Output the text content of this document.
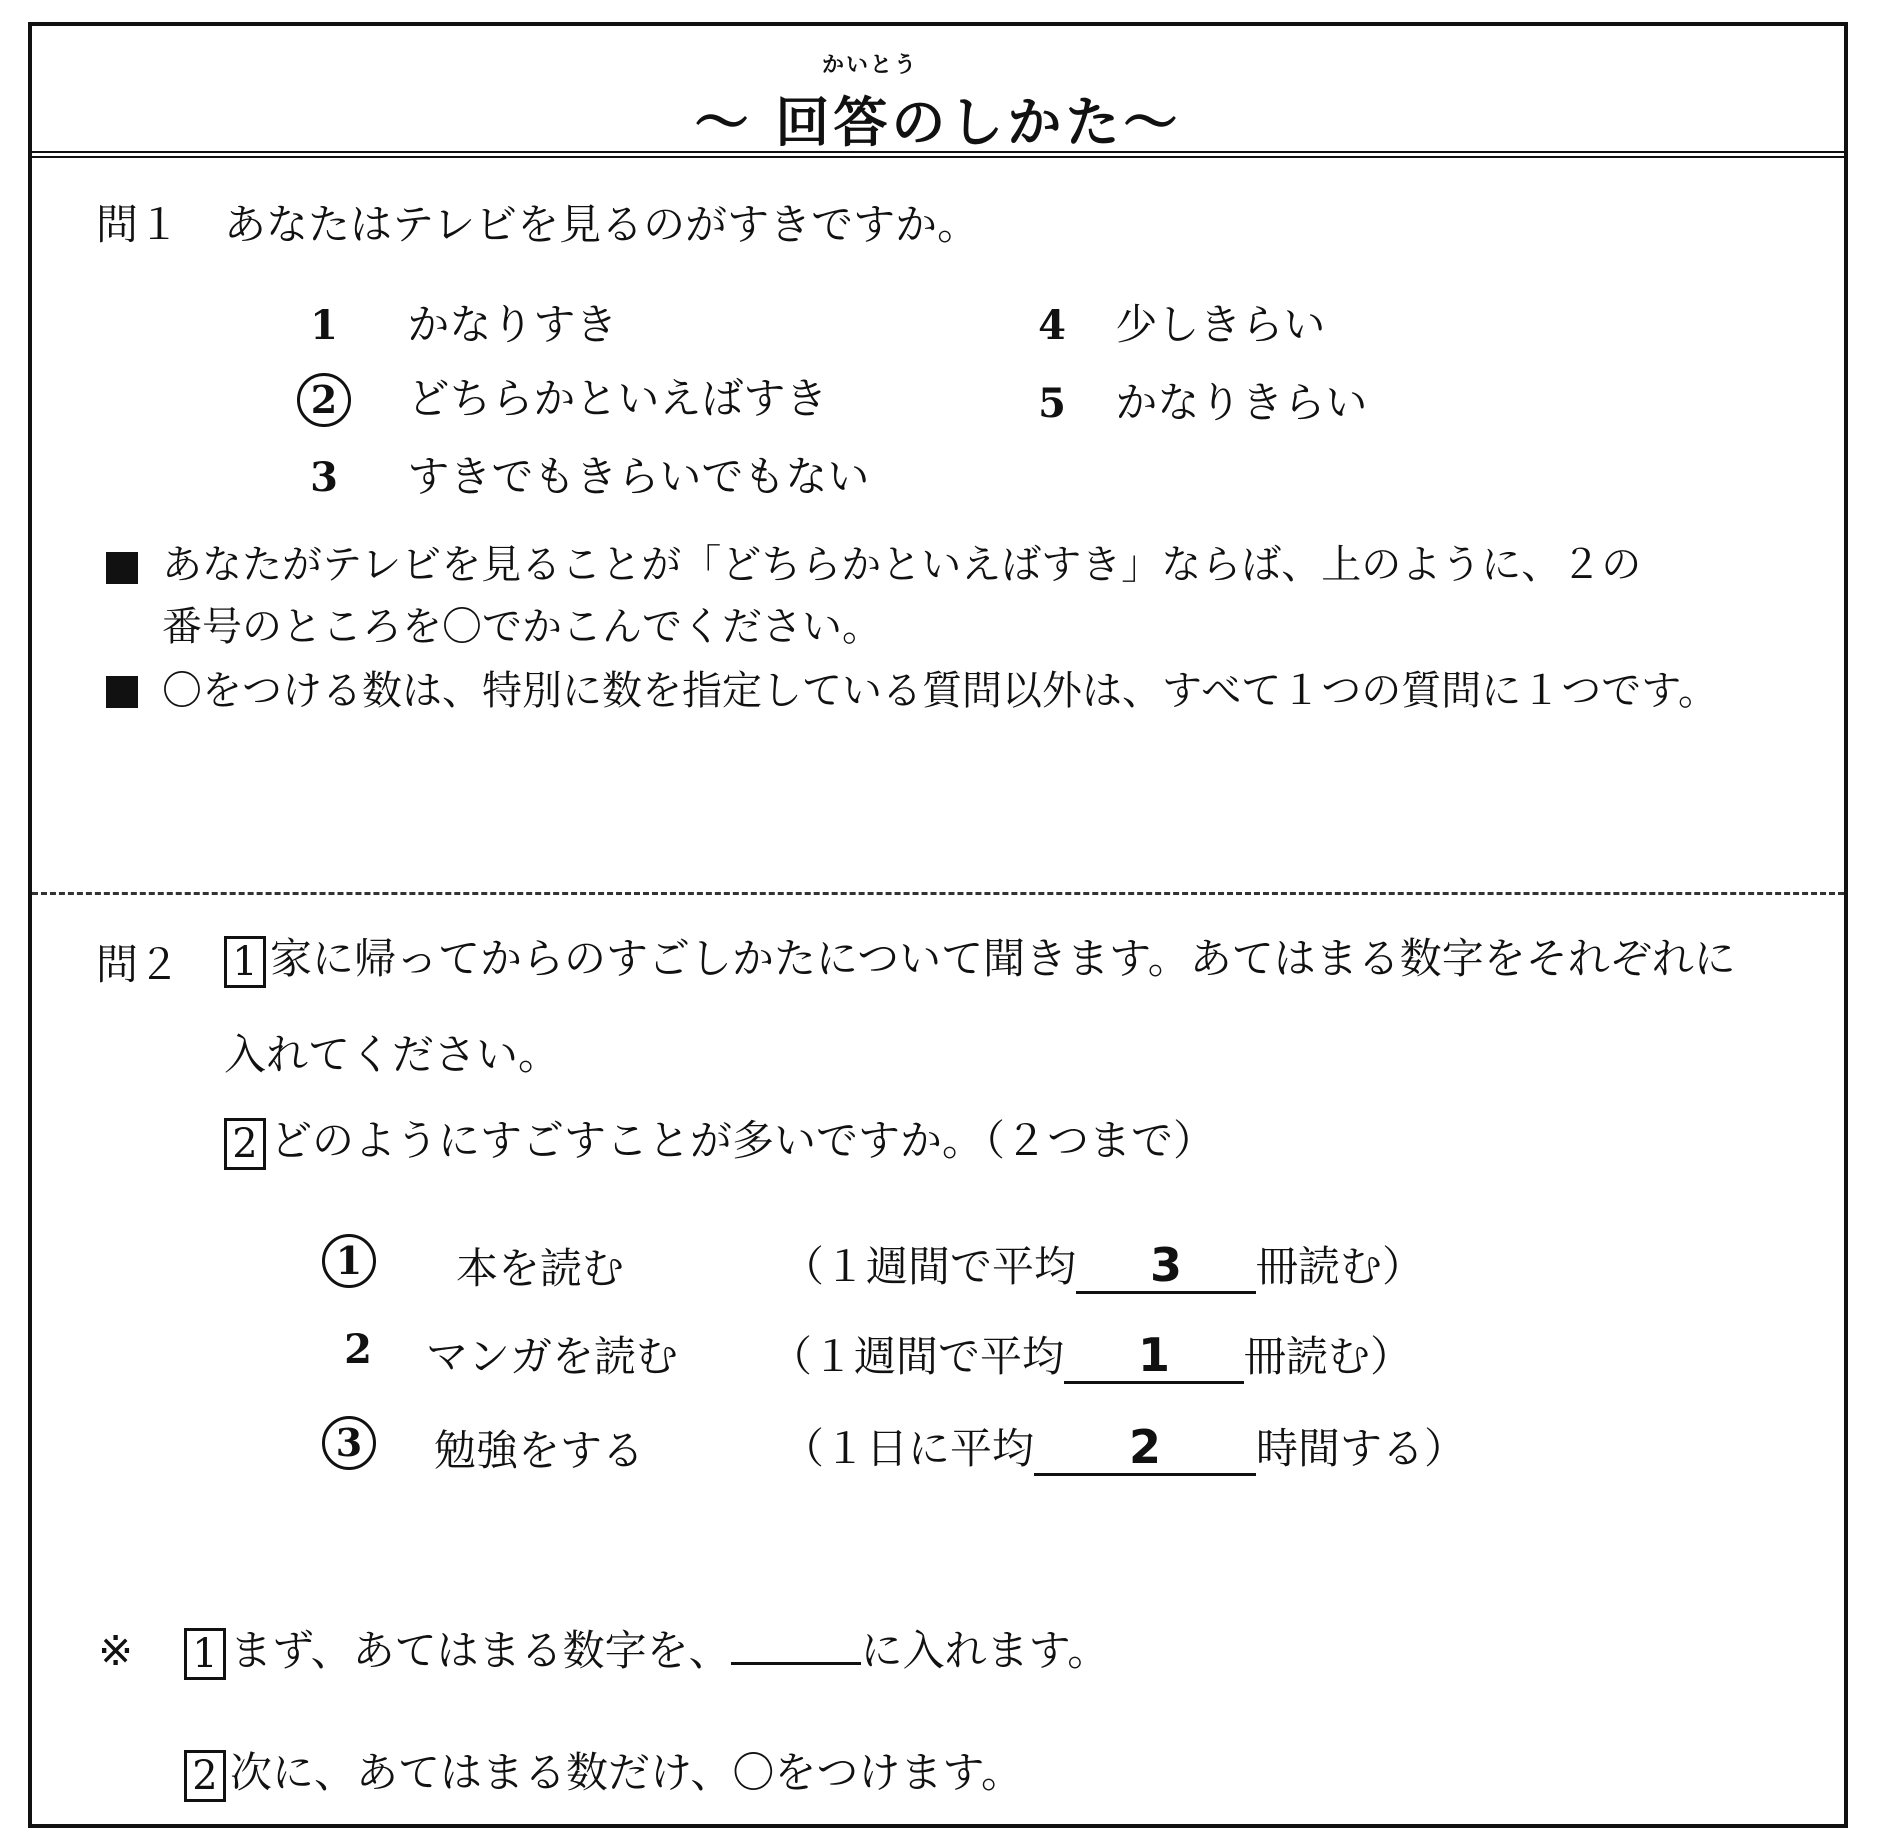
かいとう
～ 回答のしかた～
問１ あなたはテレビを見るのがすきですか。
1 かなりすき
2 どちらかといえばすき
3 すきでもきらいでもない
4 少しきらい
5 かなりきらい
あなたがテレビを見ることが「どちらかといえばすき」ならば、上のように、２の
番号のところを〇でかこんでください。
〇をつける数は、特別に数を指定している質問以外は、すべて１つの質問に１つです。
問２ 1 家に帰ってからのすごしかたについて聞きます。あてはまる数字をそれぞれに
入れてください。
2 どのようにすごすことが多いですか。（２つまで）
1	本を読む	（１週間で平均 3 冊読む）
2	マンガを読む （１週間で平均 1 冊読む）
3	勉強をする	（１日に平均 2 時間する）
※ 1 まず、あてはまる数字を、	に入れます。
2 次に、あてはまる数だけ、〇をつけます。
